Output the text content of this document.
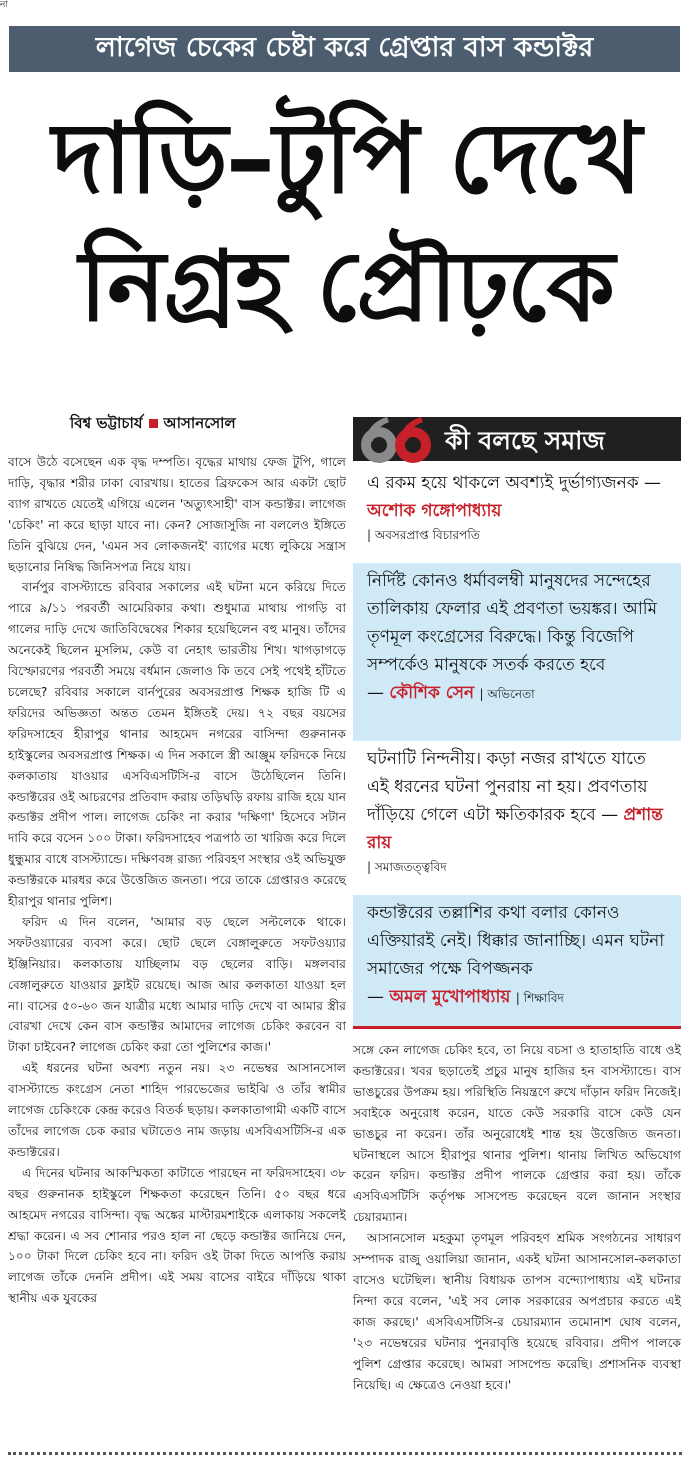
না
লাগেজ চেকের চেষ্টা করে গ্রেপ্তার বাস কন্ডাক্টর
দাড়ি–টুপি দেখে
নিগ্রহ প্রৌঢ়কে
বিশ্ব ভট্টাচার্য আসানসোল

বাসে উঠে বসেছেন এক বৃদ্ধ দম্পতি। বৃদ্ধের মাথায় ফেজ টুপি, গালে দাড়ি, বৃদ্ধার শরীর ঢাকা বোরখায়। হাতের ব্রিফকেস আর একটা ছোট ব্যাগ রাখতে যেতেই এগিয়ে এলেন 'অত্যুৎসাহী' বাস কন্ডাক্টর। লাগেজ 'চেকিং' না করে ছাড়া যাবে না। কেন? সোজাসুজি না বললেও ইঙ্গিতে তিনি বুঝিয়ে দেন, 'এমন সব লোকজনই' ব্যাগের মধ্যে লুকিয়ে সন্ত্রাস ছড়ানোর নিষিদ্ধ জিনিসপত্র নিয়ে যায়।

বার্নপুর বাসস্ট্যান্ডে রবিবার সকালের এই ঘটনা মনে করিয়ে দিতে পারে ৯/১১ পরবর্তী আমেরিকার কথা। শুধুমাত্র মাথায় পাগড়ি বা গালের দাড়ি দেখে জাতিবিদ্বেষের শিকার হয়েছিলেন বহু মানুষ। তাঁদের অনেকেই ছিলেন মুসলিম, কেউ বা নেহাৎ ভারতীয় শিখ। খাগড়াগড়ে বিস্ফোরণের পরবর্তী সময়ে বর্ধমান জেলাও কি তবে সেই পথেই হাঁটতে চলেছে? রবিবার সকালে বার্নপুরের অবসরপ্রাপ্ত শিক্ষক হাজি টি এ ফরিদের অভিজ্ঞতা অন্তত তেমন ইঙ্গিতই দেয়। ৭২ বছর বয়সের ফরিদসাহেব হীরাপুর থানার আহমেদ নগরের বাসিন্দা গুরুনানক হাইস্কুলের অবসরপ্রাপ্ত শিক্ষক। এ দিন সকালে স্ত্রী আঞ্জুম ফরিদকে নিয়ে কলকাতায় যাওয়ার এসবিএসটিসি-র বাসে উঠেছিলেন তিনি। কন্ডাক্টরের ওই আচরণের প্রতিবাদ করায় তড়িঘড়ি রফায় রাজি হয়ে যান কন্ডাক্টর প্রদীপ পাল। লাগেজ চেকিং না করার 'দক্ষিণা' হিসেবে সটান দাবি করে বসেন ১০০ টাকা। ফরিদসাহেব পত্রপাঠ তা খারিজ করে দিলে ধুন্ধুমার বাধে বাসস্ট্যান্ডে। দক্ষিণবঙ্গ রাজ্য পরিবহণ সংস্থার ওই অভিযুক্ত কন্ডাক্টরকে মারধর করে উত্তেজিত জনতা। পরে তাকে গ্রেপ্তারও করেছে হীরাপুর থানার পুলিশ।

ফরিদ এ দিন বলেন, 'আমার বড় ছেলে সল্টলেকে থাকে। সফটওয়্যারের ব্যবসা করে। ছোট ছেলে বেঙ্গালুরুতে সফটওয়্যার ইঞ্জিনিয়ার। কলকাতায় যাচ্ছিলাম বড় ছেলের বাড়ি। মঙ্গলবার বেঙ্গালুরুতে যাওয়ার ফ্লাইট রয়েছে। আজ আর কলকাতা যাওয়া হল না। বাসের ৫০-৬০ জন যাত্রীর মধ্যে আমার দাড়ি দেখে বা আমার স্ত্রীর বোরখা দেখে কেন বাস কন্ডাক্টর আমাদের লাগেজ চেকিং করবেন বা টাকা চাইবেন? লাগেজ চেকিং করা তো পুলিশের কাজ।'

এই ধরনের ঘটনা অবশ্য নতুন নয়। ২৩ নভেম্বর আসানসোল বাসস্ট্যান্ডে কংগ্রেস নেতা শাহিদ পারভেজের ভাইঝি ও তাঁর স্বামীর লাগেজ চেকিংকে কেন্দ্র করেও বিতর্ক ছড়ায়। কলকাতাগামী একটি বাসে তাঁদের লাগেজ চেক করার ঘটাতেও নাম জড়ায় এসবিএসটিসি-র এক কন্ডাক্টরের।

এ দিনের ঘটনার আকস্মিকতা কাটাতে পারছেন না ফরিদসাহেব। ৩৮ বছর গুরুনানক হাইস্কুলে শিক্ষকতা করেছেন তিনি। ৫০ বছর ধরে আহমেদ নগরের বাসিন্দা। বৃদ্ধ অঙ্কের মাস্টারমশাইকে এলাকায় সকলেই শ্রদ্ধা করেন। এ সব শোনার পরও হাল না ছেড়ে কন্ডাক্টর জানিয়ে দেন, ১০০ টাকা দিলে চেকিং হবে না। ফরিদ ওই টাকা দিতে আপত্তি করায় লাগেজ তাঁকে দেননি প্রদীপ। এই সময় বাসের বাইরে দাঁড়িয়ে থাকা স্থানীয় এক যুবকের

কী বলছে সমাজ
এ রকম হয়ে থাকলে অবশ্যই দুর্ভাগ্যজনক — অশোক গঙ্গোপাধ্যায়
| অবসরপ্রাপ্ত বিচারপতি
নির্দিষ্ট কোনও ধর্মাবলম্বী মানুষদের সন্দেহের তালিকায় ফেলার এই প্রবণতা ভয়ঙ্কর। আমি তৃণমূল কংগ্রেসের বিরুদ্ধে। কিন্তু বিজেপি সম্পর্কেও মানুষকে সতর্ক করতে হবে
— কৌশিক সেন | অভিনেতা
ঘটনাটি নিন্দনীয়। কড়া নজর রাখতে যাতে এই ধরনের ঘটনা পুনরায় না হয়। প্রবণতায় দাঁড়িয়ে গেলে এটা ক্ষতিকারক হবে — প্রশান্ত রায়
| সমাজতত্ত্ববিদ
কন্ডাক্টরের তল্লাশির কথা বলার কোনও এক্তিয়ারই নেই। ধিক্কার জানাচ্ছি। এমন ঘটনা সমাজের পক্ষে বিপজ্জনক
— অমল মুখোপাধ্যায় | শিক্ষাবিদ

সঙ্গে কেন লাগেজ চেকিং হবে, তা নিয়ে বচসা ও হাতাহাতি বাধে ওই কন্ডাক্টরের। খবর ছড়াতেই প্রচুর মানুষ হাজির হন বাসস্ট্যান্ডে। বাস ভাঙচুরের উপক্রম হয়। পরিস্থিতি নিয়ন্ত্রণে রুখে দাঁড়ান ফরিদ নিজেই। সবাইকে অনুরোধ করেন, যাতে কেউ সরকারি বাসে কেউ যেন ভাঙচুর না করেন। তাঁর অনুরোধেই শান্ত হয় উত্তেজিত জনতা। ঘটনাস্থলে আসে হীরাপুর থানার পুলিশ। থানায় লিখিত অভিযোগ করেন ফরিদ। কন্ডাক্টর প্রদীপ পালকে গ্রেপ্তার করা হয়। তাঁকে এসবিএসটিসি কর্তৃপক্ষ সাসপেন্ড করেছেন বলে জানান সংস্থার চেয়ারম্যান।

আসানসোল মহকুমা তৃণমূল পরিবহণ শ্রমিক সংগঠনের সাধারণ সম্পাদক রাজু ওয়ালিয়া জানান, একই ঘটনা আসানসোল-কলকাতা বাসেও ঘটেছিল। স্থানীয় বিধায়ক তাপস বন্দ্যোপাধ্যায় এই ঘটনার নিন্দা করে বলেন, 'এই সব লোক সরকারের অপপ্রচার করতে এই কাজ করছে।' এসবিএসটিসি-র চেয়ারম্যান তমোনাশ ঘোষ বলেন, '২৩ নভেম্বরের ঘটনার পুনরাবৃত্তি হয়েছে রবিবার। প্রদীপ পালকে পুলিশ গ্রেপ্তার করেছে। আমরা সাসপেন্ড করেছি। প্রশাসনিক ব্যবস্থা নিয়েছি। এ ক্ষেত্রেও নেওয়া হবে।'
